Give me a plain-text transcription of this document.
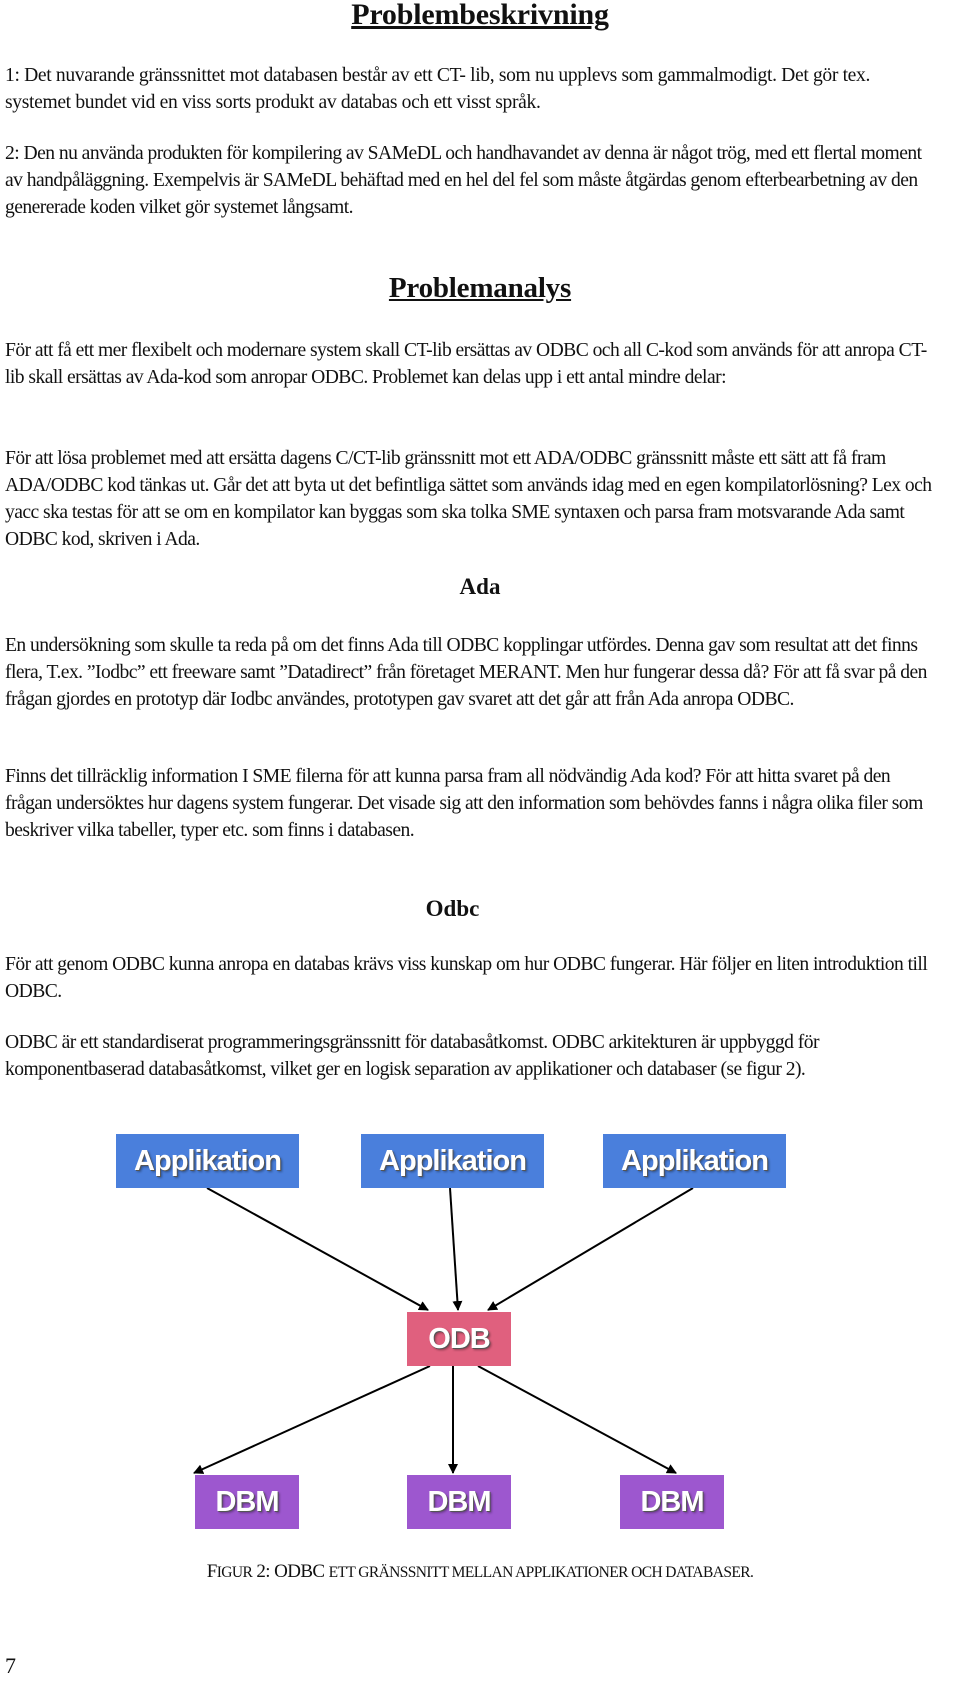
Problembeskrivning

1: Det nuvarande gränssnittet mot databasen består av ett CT- lib, som nu upplevs som gammalmodigt. Det gör tex. systemet bundet vid en viss sorts produkt av databas och ett visst språk.

2: Den nu använda produkten för kompilering av SAMeDL och handhavandet av denna är något trög, med ett flertal moment av handpåläggning. Exempelvis är SAMeDL behäftad med en hel del fel som måste åtgärdas genom efterbearbetning av den genererade koden vilket gör systemet långsamt.

Problemanalys

För att få ett mer flexibelt och modernare system skall CT-lib ersättas av ODBC och all C-kod som används för att anropa CT-lib skall ersättas av Ada-kod som anropar ODBC. Problemet kan delas upp i ett antal mindre delar:

För att lösa problemet med att ersätta dagens C/CT-lib gränssnitt mot ett ADA/ODBC gränssnitt måste ett sätt att få fram ADA/ODBC kod tänkas ut. Går det att byta ut det befintliga sättet som används idag med en egen kompilatorlösning? Lex och yacc ska testas för att se om en kompilator kan byggas som ska tolka SME syntaxen och parsa fram motsvarande Ada samt ODBC kod, skriven i Ada.

Ada

En undersökning som skulle ta reda på om det finns Ada till ODBC kopplingar utfördes. Denna gav som resultat att det finns flera, T.ex. ”Iodbc” ett freeware samt ”Datadirect” från företaget MERANT. Men hur fungerar dessa då? För att få svar på den frågan gjordes en prototyp där Iodbc användes, prototypen gav svaret att det går att från Ada anropa ODBC.

Finns det tillräcklig information I SME filerna för att kunna parsa fram all nödvändig Ada kod? För att hitta svaret på den frågan undersöktes hur dagens system fungerar. Det visade sig att den information som behövdes fanns i några olika filer som beskriver vilka tabeller, typer etc. som finns i databasen.

Odbc

För att genom ODBC kunna anropa en databas krävs viss kunskap om hur ODBC fungerar. Här följer en liten introduktion till ODBC.

ODBC är ett standardiserat programmeringsgränssnitt för databasåtkomst. ODBC arkitekturen är uppbyggd för komponentbaserad databasåtkomst, vilket ger en logisk separation av applikationer och databaser (se figur 2).

Applikation	Applikation	Applikation
ODB
DBM	DBM	DBM

FIGUR 2: ODBC ETT GRÄNSSNITT MELLAN APPLIKATIONER OCH DATABASER.

7
